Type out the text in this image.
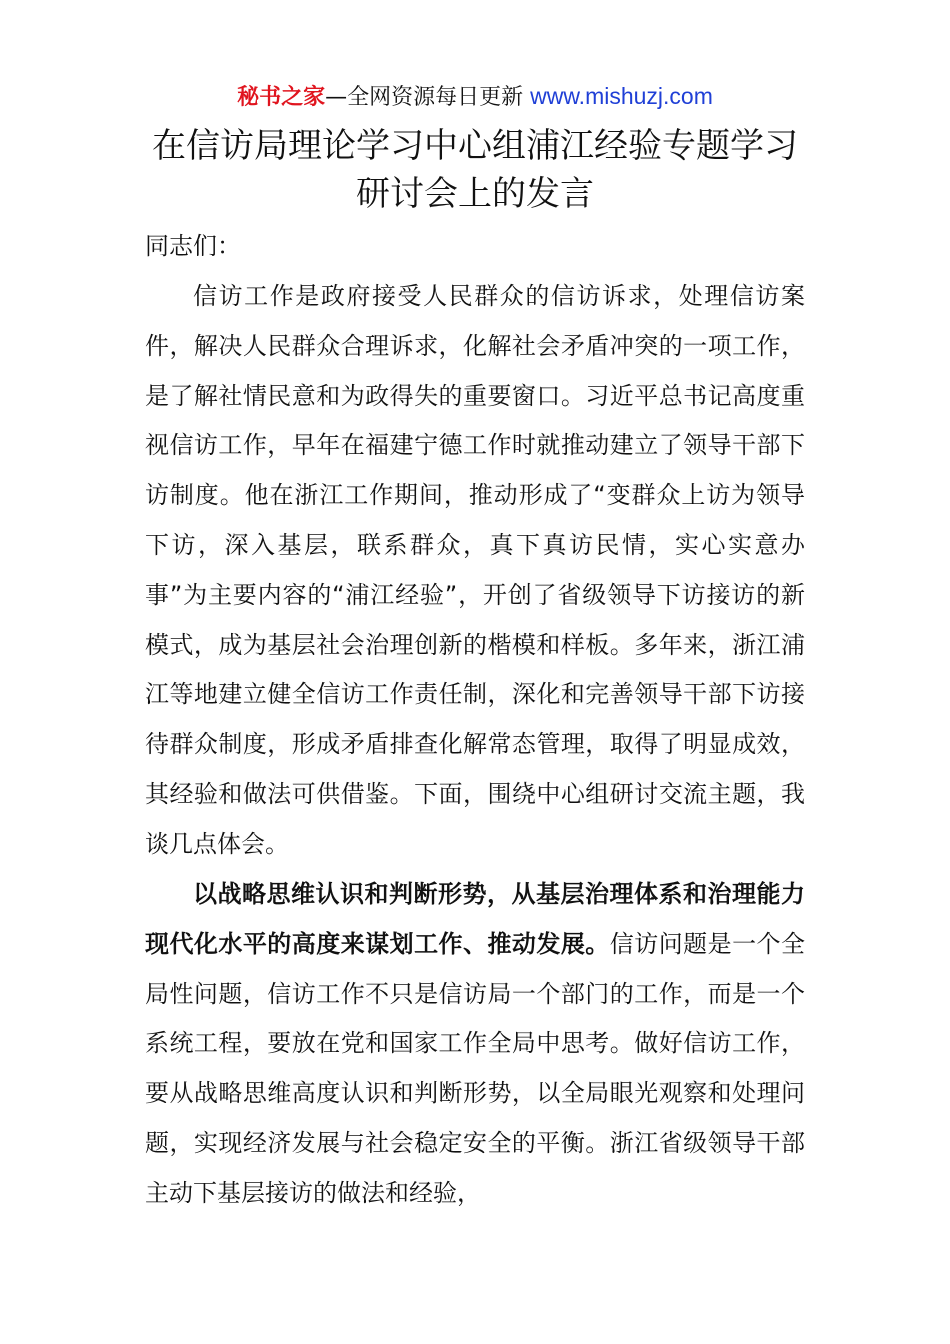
秘书之家—全网资源每日更新 www.mishuzj.com
在信访局理论学习中心组浦江经验专题学习研讨会上的发言

同志们：

信访工作是政府接受人民群众的信访诉求，处理信访案件，解决人民群众合理诉求，化解社会矛盾冲突的一项工作，是了解社情民意和为政得失的重要窗口。习近平总书记高度重视信访工作，早年在福建宁德工作时就推动建立了领导干部下访制度。他在浙江工作期间，推动形成了“变群众上访为领导下访，深入基层，联系群众，真下真访民情，实心实意办事”为主要内容的“浦江经验”，开创了省级领导下访接访的新模式，成为基层社会治理创新的楷模和样板。多年来，浙江浦江等地建立健全信访工作责任制，深化和完善领导干部下访接待群众制度，形成矛盾排查化解常态管理，取得了明显成效，其经验和做法可供借鉴。下面，围绕中心组研讨交流主题，我谈几点体会。

以战略思维认识和判断形势，从基层治理体系和治理能力现代化水平的高度来谋划工作、推动发展。信访问题是一个全局性问题，信访工作不只是信访局一个部门的工作，而是一个系统工程，要放在党和国家工作全局中思考。做好信访工作，要从战略思维高度认识和判断形势，以全局眼光观察和处理问题，实现经济发展与社会稳定安全的平衡。浙江省级领导干部主动下基层接访的做法和经验，
